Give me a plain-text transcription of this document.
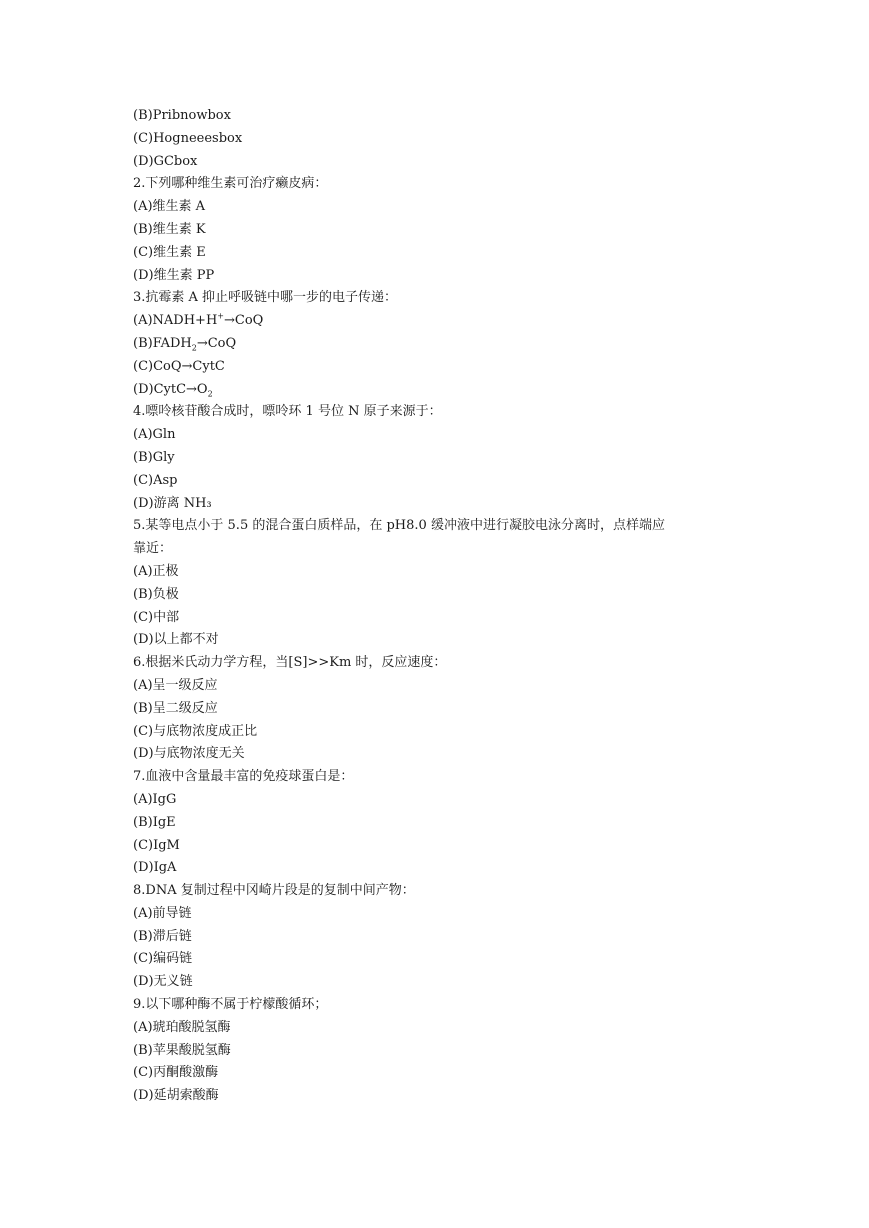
(B)Pribnowbox
(C)Hogneeesbox
(D)GCbox
2.下列哪种维生素可治疗癞皮病：
(A)维生素 A
(B)维生素 K
(C)维生素 E
(D)维生素 PP
3.抗霉素 A 抑止呼吸链中哪一步的电子传递：
(A)NADH+H+→CoQ
$(B)FADH_2\to CoQ$
(C)CoQ→CytC
$(D)CytC\to O_2$
4.嘌呤核苷酸合成时，嘌呤环 1 号位 N 原子来源于：
(A)Gln
(B)Gly
(C)Asp
(D)游离 NH₃
5.某等电点小于 5.5 的混合蛋白质样品，在 pH8.0 缓冲液中进行凝胶电泳分离时，点样端应
靠近：
(A)正极
(B)负极
(C)中部
(D)以上都不对
6.根据米氏动力学方程，当[S]>>Km 时，反应速度：
(A)呈一级反应
(B)呈二级反应
(C)与底物浓度成正比
(D)与底物浓度无关
7.血液中含量最丰富的免疫球蛋白是：
(A)IgG
(B)IgE
(C)IgM
(D)IgA
8.DNA 复制过程中冈崎片段是的复制中间产物：
(A)前导链
(B)滞后链
(C)编码链
(D)无义链
9.以下哪种酶不属于柠檬酸循环；
(A)琥珀酸脱氢酶
(B)苹果酸脱氢酶
(C)丙酮酸激酶
(D)延胡索酸酶
